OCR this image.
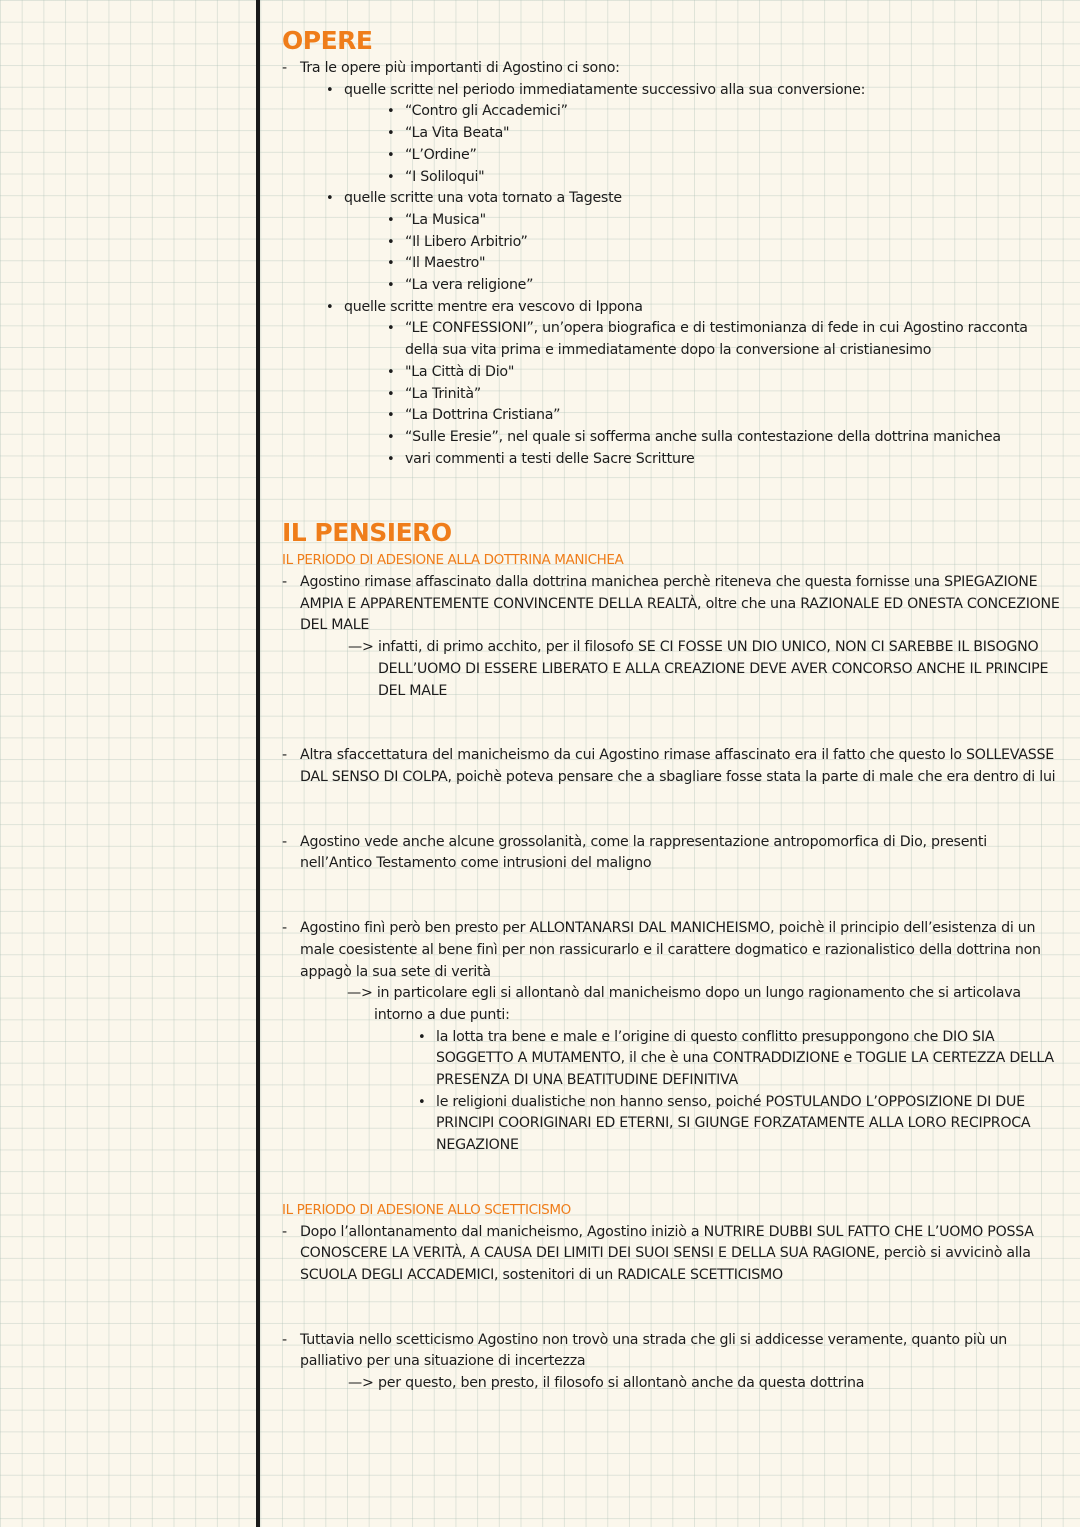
OPERE
- Tra le opere più importanti di Agostino ci sono:
• quelle scritte nel periodo immediatamente successivo alla sua conversione:
• “Contro gli Accademici”
• “La Vita Beata"
• “L’Ordine”
• “I Soliloqui"
• quelle scritte una vota tornato a Tageste
• “La Musica"
• “Il Libero Arbitrio”
• “Il Maestro"
• “La vera religione”
• quelle scritte mentre era vescovo di Ippona
• “LE CONFESSIONI”, un’opera biografica e di testimonianza di fede in cui Agostino racconta della sua vita prima e immediatamente dopo la conversione al cristianesimo
• "La Città di Dio"
• “La Trinità”
• “La Dottrina Cristiana”
• “Sulle Eresie”, nel quale si sofferma anche sulla contestazione della dottrina manichea
• vari commenti a testi delle Sacre Scritture
IL PENSIERO
IL PERIODO DI ADESIONE ALLA DOTTRINA MANICHEA
- Agostino rimase affascinato dalla dottrina manichea perchè riteneva che questa fornisse una SPIEGAZIONE AMPIA E APPARENTEMENTE CONVINCENTE DELLA REALTÀ, oltre che una RAZIONALE ED ONESTA CONCEZIONE DEL MALE
—> infatti, di primo acchito, per il filosofo SE CI FOSSE UN DIO UNICO, NON CI SAREBBE IL BISOGNO DELL’UOMO DI ESSERE LIBERATO E ALLA CREAZIONE DEVE AVER CONCORSO ANCHE IL PRINCIPE DEL MALE
- Altra sfaccettatura del manicheismo da cui Agostino rimase affascinato era il fatto che questo lo SOLLEVASSE DAL SENSO DI COLPA, poichè poteva pensare che a sbagliare fosse stata la parte di male che era dentro di lui
- Agostino vede anche alcune grossolanità, come la rappresentazione antropomorfica di Dio, presenti nell’Antico Testamento come intrusioni del maligno
- Agostino finì però ben presto per ALLONTANARSI DAL MANICHEISMO, poichè il principio dell’esistenza di un male coesistente al bene finì per non rassicurarlo e il carattere dogmatico e razionalistico della dottrina non appagò la sua sete di verità
—> in particolare egli si allontanò dal manicheismo dopo un lungo ragionamento che si articolava intorno a due punti:
• la lotta tra bene e male e l’origine di questo conflitto presuppongono che DIO SIA SOGGETTO A MUTAMENTO, il che è una CONTRADDIZIONE e TOGLIE LA CERTEZZA DELLA PRESENZA DI UNA BEATITUDINE DEFINITIVA
• le religioni dualistiche non hanno senso, poiché POSTULANDO L’OPPOSIZIONE DI DUE PRINCIPI COORIGINARI ED ETERNI, SI GIUNGE FORZATAMENTE ALLA LORO RECIPROCA NEGAZIONE
IL PERIODO DI ADESIONE ALLO SCETTICISMO
- Dopo l’allontanamento dal manicheismo, Agostino iniziò a NUTRIRE DUBBI SUL FATTO CHE L’UOMO POSSA CONOSCERE LA VERITÀ, A CAUSA DEI LIMITI DEI SUOI SENSI E DELLA SUA RAGIONE, perciò si avvicinò alla SCUOLA DEGLI ACCADEMICI, sostenitori di un RADICALE SCETTICISMO
- Tuttavia nello scetticismo Agostino non trovò una strada che gli si addicesse veramente, quanto più un palliativo per una situazione di incertezza
—> per questo, ben presto, il filosofo si allontanò anche da questa dottrina
